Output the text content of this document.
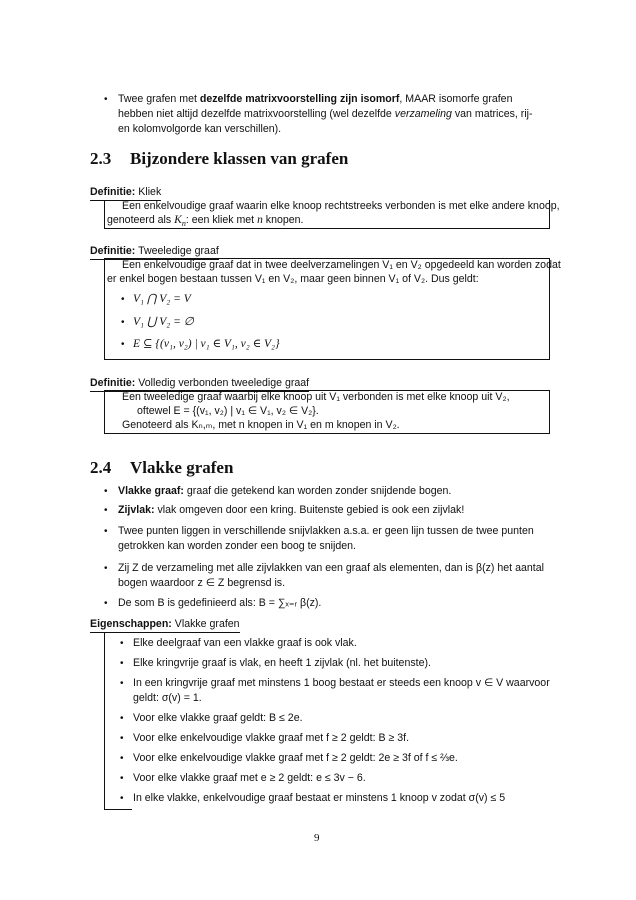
• Twee grafen met dezelfde matrixvoorstelling zijn isomorf, MAAR isomorfe grafen
hebben niet altijd dezelfde matrixvoorstelling (wel dezelfde verzameling van matrices, rij-
en kolomvolgorde kan verschillen).
2.3 Bijzondere klassen van grafen
Definitie: Kliek
Een enkelvoudige graaf waarin elke knoop rechtstreeks verbonden is met elke andere knoop,
genoteerd als $K_n$: een kliek met n knopen.
Definitie: Tweeledige graaf
Een enkelvoudige graaf dat in twee deelverzamelingen V₁ en V₂ opgedeeld kan worden zodat
er enkel bogen bestaan tussen V₁ en V₂, maar geen binnen V₁ of V₂. Dus geldt:
• V₁ ⋂ V₂ = V
• V₁ ⋃ V₂ = ∅
• E ⊆ {(v₁, v₂) | v₁ ∈ V₁, v₂ ∈ V₂}
Definitie: Volledig verbonden tweeledige graaf
Een tweeledige graaf waarbij elke knoop uit V₁ verbonden is met elke knoop uit V₂,
oftewel E = {(v₁, v₂) | v₁ ∈ V₁, v₂ ∈ V₂}.
Genoteerd als Kₙ,ₘ, met n knopen in V₁ en m knopen in V₂.
2.4 Vlakke grafen
• Vlakke graaf: graaf die getekend kan worden zonder snijdende bogen.
• Zijvlak: vlak omgeven door een kring. Buitenste gebied is ook een zijvlak!
• Twee punten liggen in verschillende snijvlakken a.s.a. er geen lijn tussen de twee punten
getrokken kan worden zonder een boog te snijden.
• Zij Z de verzameling met alle zijvlakken van een graaf als elementen, dan is β(z) het aantal
bogen waardoor z ∈ Z begrensd is.
• De som B is gedefinieerd als: B = ∑ₓ₌ᵣ β(z).
Eigenschappen: Vlakke grafen
• Elke deelgraaf van een vlakke graaf is ook vlak.
• Elke kringvrije graaf is vlak, en heeft 1 zijvlak (nl. het buitenste).
• In een kringvrije graaf met minstens 1 boog bestaat er steeds een knoop v ∈ V waarvoor
geldt: σ(v) = 1.
• Voor elke vlakke graaf geldt: B ≤ 2e.
• Voor elke enkelvoudige vlakke graaf met f ≥ 2 geldt: B ≥ 3f.
• Voor elke enkelvoudige vlakke graaf met f ≥ 2 geldt: 2e ≥ 3f of f ≤ ⅔e.
• Voor elke vlakke graaf met e ≥ 2 geldt: e ≤ 3v − 6.
• In elke vlakke, enkelvoudige graaf bestaat er minstens 1 knoop v zodat σ(v) ≤ 5
9
